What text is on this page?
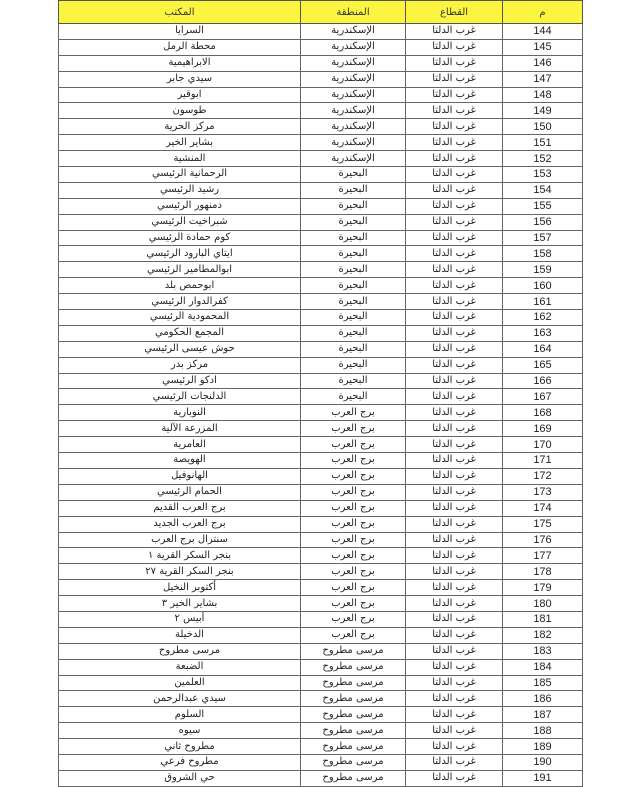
المكتب	المنطقة	القطاع	م
السرايا	الإسكندرية	غرب الدلتا	144
محطة الرمل	الإسكندرية	غرب الدلتا	145
الابراهيمية	الإسكندرية	غرب الدلتا	146
سيدي جابر	الإسكندرية	غرب الدلتا	147
ابوقير	الإسكندرية	غرب الدلتا	148
طوسون	الإسكندرية	غرب الدلتا	149
مركز الحرية	الإسكندرية	غرب الدلتا	150
بشاير الخير	الإسكندرية	غرب الدلتا	151
المنشية	الإسكندرية	غرب الدلتا	152
الرحمانية الرئيسي	البحيرة	غرب الدلتا	153
رشيد الرئيسي	البحيرة	غرب الدلتا	154
دمنهور الرئيسي	البحيرة	غرب الدلتا	155
شبراخيت الرئيسي	البحيرة	غرب الدلتا	156
كوم حمادة الرئيسي	البحيرة	غرب الدلتا	157
ايتاي البارود الرئيسي	البحيرة	غرب الدلتا	158
ابوالمطامير الرئيسي	البحيرة	غرب الدلتا	159
ابوحمص بلد	البحيرة	غرب الدلتا	160
كفرالدوار الرئيسي	البحيرة	غرب الدلتا	161
المحمودية الرئيسي	البحيرة	غرب الدلتا	162
المجمع الحكومي	البحيرة	غرب الدلتا	163
حوش عيسى الرئيسي	البحيرة	غرب الدلتا	164
مركز بدر	البحيرة	غرب الدلتا	165
ادكو الرئيسي	البحيرة	غرب الدلتا	166
الدلنجات الرئيسي	البحيرة	غرب الدلتا	167
النوبارية	برج العرب	غرب الدلتا	168
المزرعة الآلية	برج العرب	غرب الدلتا	169
العامرية	برج العرب	غرب الدلتا	170
الهويصة	برج العرب	غرب الدلتا	171
الهانوفيل	برج العرب	غرب الدلتا	172
الحمام الرئيسي	برج العرب	غرب الدلتا	173
برج العرب القديم	برج العرب	غرب الدلتا	174
برج العرب الجديد	برج العرب	غرب الدلتا	175
سنترال برج العرب	برج العرب	غرب الدلتا	176
بنجر السكر القرية ١	برج العرب	غرب الدلتا	177
بنجر السكر القرية ٢٧	برج العرب	غرب الدلتا	178
أكتوبر النخيل	برج العرب	غرب الدلتا	179
بشاير الخير ٣	برج العرب	غرب الدلتا	180
أبيس ٢	برج العرب	غرب الدلتا	181
الدخيلة	برج العرب	غرب الدلتا	182
مرسى مطروح	مرسى مطروح	غرب الدلتا	183
الضبعة	مرسى مطروح	غرب الدلتا	184
العلمين	مرسى مطروح	غرب الدلتا	185
سيدي عبدالرحمن	مرسى مطروح	غرب الدلتا	186
السلوم	مرسى مطروح	غرب الدلتا	187
سيوه	مرسى مطروح	غرب الدلتا	188
مطروح ثاني	مرسى مطروح	غرب الدلتا	189
مطروح فرعي	مرسى مطروح	غرب الدلتا	190
حي الشروق	مرسى مطروح	غرب الدلتا	191
